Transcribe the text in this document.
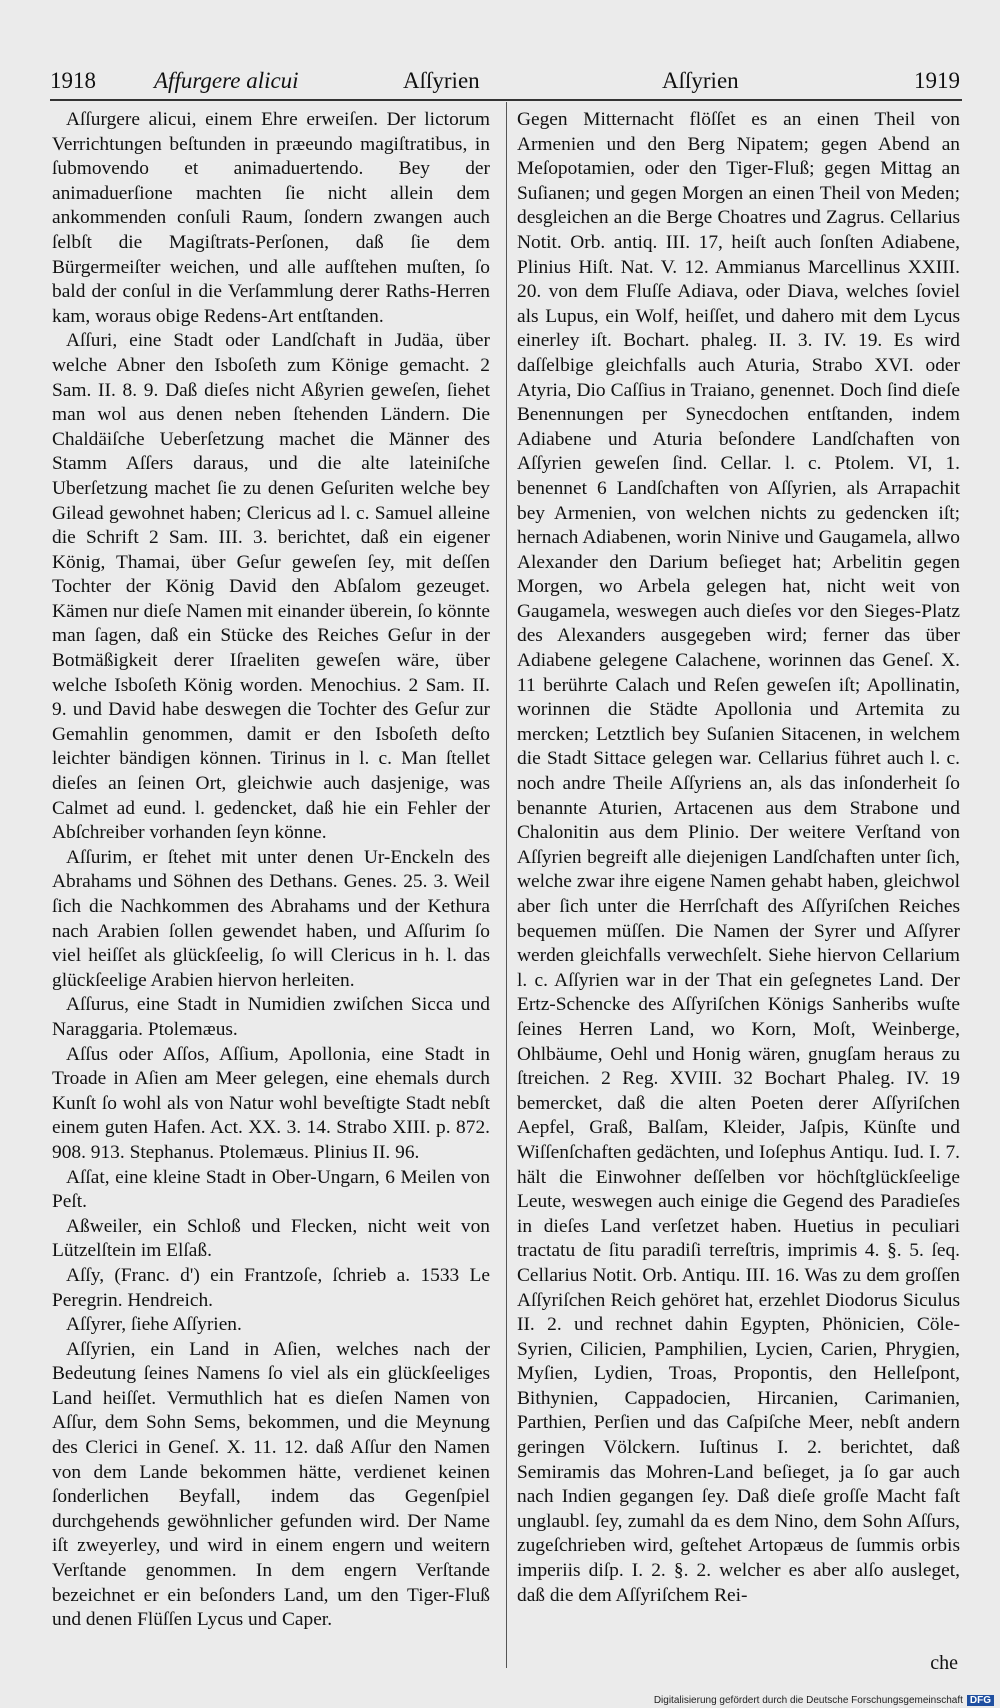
1918	Affurgere alicui	Aſſyrien	Aſſyrien	1919

Aſſurgere alicui, einem Ehre erweiſen. Der lictorum Verrichtungen beſtunden in præeundo magiſtratibus, in ſubmovendo et animaduertendo. Bey der animaduerſione machten ſie nicht allein dem ankommenden conſuli Raum, ſondern zwangen auch ſelbſt die Magiſtrats-Perſonen, daß ſie dem Bürgermeiſter weichen, und alle aufſtehen muſten, ſo bald der conſul in die Verſammlung derer Raths-Herren kam, woraus obige Redens-Art entſtanden.

Aſſuri, eine Stadt oder Landſchaft in Judäa, über welche Abner den Isboſeth zum Könige gemacht. 2 Sam. II. 8. 9. Daß dieſes nicht Aßyrien geweſen, ſiehet man wol aus denen neben ſtehenden Ländern. Die Chaldäiſche Ueberſetzung machet die Männer des Stamm Aſſers daraus, und die alte lateiniſche Uberſetzung machet ſie zu denen Geſuriten welche bey Gilead gewohnet haben; Clericus ad l. c. Samuel alleine die Schrift 2 Sam. III. 3. berichtet, daß ein eigener König, Thamai, über Geſur geweſen ſey, mit deſſen Tochter der König David den Abſalom gezeuget. Kämen nur dieſe Namen mit einander überein, ſo könnte man ſagen, daß ein Stücke des Reiches Geſur in der Botmäßigkeit derer Iſraeliten geweſen wäre, über welche Isboſeth König worden. Menochius. 2 Sam. II. 9. und David habe deswegen die Tochter des Geſur zur Gemahlin genommen, damit er den Isboſeth deſto leichter bändigen können. Tirinus in l. c. Man ſtellet dieſes an ſeinen Ort, gleichwie auch dasjenige, was Calmet ad eund. l. gedencket, daß hie ein Fehler der Abſchreiber vorhanden ſeyn könne.

Aſſurim, er ſtehet mit unter denen Ur-Enckeln des Abrahams und Söhnen des Dethans. Genes. 25. 3. Weil ſich die Nachkommen des Abrahams und der Kethura nach Arabien ſollen gewendet haben, und Aſſurim ſo viel heiſſet als glückſeelig, ſo will Clericus in h. l. das glückſeelige Arabien hiervon herleiten.

Aſſurus, eine Stadt in Numidien zwiſchen Sicca und Naraggaria. Ptolemæus.

Aſſus oder Aſſos, Aſſium, Apollonia, eine Stadt in Troade in Aſien am Meer gelegen, eine ehemals durch Kunſt ſo wohl als von Natur wohl beveſtigte Stadt nebſt einem guten Hafen. Act. XX. 3. 14. Strabo XIII. p. 872. 908. 913. Stephanus. Ptolemæus. Plinius II. 96.

Aſſat, eine kleine Stadt in Ober-Ungarn, 6 Meilen von Peſt.

Aßweiler, ein Schloß und Flecken, nicht weit von Lützelſtein im Elſaß.

Aſſy, (Franc. d') ein Frantzoſe, ſchrieb a. 1533 Le Peregrin. Hendreich.

Aſſyrer, ſiehe Aſſyrien.

Aſſyrien, ein Land in Aſien, welches nach der Bedeutung ſeines Namens ſo viel als ein glückſeeliges Land heiſſet. Vermuthlich hat es dieſen Namen von Aſſur, dem Sohn Sems, bekommen, und die Meynung des Clerici in Geneſ. X. 11. 12. daß Aſſur den Namen von dem Lande bekommen hätte, verdienet keinen ſonderlichen Beyfall, indem das Gegenſpiel durchgehends gewöhnlicher gefunden wird. Der Name iſt zweyerley, und wird in einem engern und weitern Verſtande genommen. In dem engern Verſtande bezeichnet er ein beſonders Land, um den Tiger-Fluß und denen Flüſſen Lycus und Caper.

Gegen Mitternacht flöſſet es an einen Theil von Armenien und den Berg Nipatem; gegen Abend an Meſopotamien, oder den Tiger-Fluß; gegen Mittag an Suſianen; und gegen Morgen an einen Theil von Meden; desgleichen an die Berge Choatres und Zagrus. Cellarius Notit. Orb. antiq. III. 17, heiſt auch ſonſten Adiabene, Plinius Hiſt. Nat. V. 12. Ammianus Marcellinus XXIII. 20. von dem Fluſſe Adiava, oder Diava, welches ſoviel als Lupus, ein Wolf, heiſſet, und dahero mit dem Lycus einerley iſt. Bochart. phaleg. II. 3. IV. 19. Es wird daſſelbige gleichfalls auch Aturia, Strabo XVI. oder Atyria, Dio Caſſius in Traiano, genennet. Doch ſind dieſe Benennungen per Synecdochen entſtanden, indem Adiabene und Aturia beſondere Landſchaften von Aſſyrien geweſen ſind. Cellar. l. c. Ptolem. VI, 1. benennet 6 Landſchaften von Aſſyrien, als Arrapachit bey Armenien, von welchen nichts zu gedencken iſt; hernach Adiabenen, worin Ninive und Gaugamela, allwo Alexander den Darium beſieget hat; Arbelitin gegen Morgen, wo Arbela gelegen hat, nicht weit von Gaugamela, weswegen auch dieſes vor den Sieges-Platz des Alexanders ausgegeben wird; ferner das über Adiabene gelegene Calachene, worinnen das Geneſ. X. 11 berührte Calach und Reſen geweſen iſt; Apollinatin, worinnen die Städte Apollonia und Artemita zu mercken; Letztlich bey Suſanien Sitacenen, in welchem die Stadt Sittace gelegen war. Cellarius führet auch l. c. noch andre Theile Aſſyriens an, als das inſonderheit ſo benannte Aturien, Artacenen aus dem Strabone und Chalonitin aus dem Plinio. Der weitere Verſtand von Aſſyrien begreift alle diejenigen Landſchaften unter ſich, welche zwar ihre eigene Namen gehabt haben, gleichwol aber ſich unter die Herrſchaft des Aſſyriſchen Reiches bequemen müſſen. Die Namen der Syrer und Aſſyrer werden gleichfalls verwechſelt. Siehe hiervon Cellarium l. c. Aſſyrien war in der That ein geſegnetes Land. Der Ertz-Schencke des Aſſyriſchen Königs Sanheribs wuſte ſeines Herren Land, wo Korn, Moſt, Weinberge, Ohlbäume, Oehl und Honig wären, gnugſam heraus zu ſtreichen. 2 Reg. XVIII. 32 Bochart Phaleg. IV. 19 bemercket, daß die alten Poeten derer Aſſyriſchen Aepfel, Graß, Balſam, Kleider, Jaſpis, Künſte und Wiſſenſchaften gedächten, und Ioſephus Antiqu. Iud. I. 7. hält die Einwohner deſſelben vor höchſtglückſeelige Leute, weswegen auch einige die Gegend des Paradieſes in dieſes Land verſetzet haben. Huetius in peculiari tractatu de ſitu paradiſi terreſtris, imprimis 4. §. 5. ſeq. Cellarius Notit. Orb. Antiqu. III. 16. Was zu dem groſſen Aſſyriſchen Reich gehöret hat, erzehlet Diodorus Siculus II. 2. und rechnet dahin Egypten, Phönicien, Cöle-Syrien, Cilicien, Pamphilien, Lycien, Carien, Phrygien, Myſien, Lydien, Troas, Propontis, den Helleſpont, Bithynien, Cappadocien, Hircanien, Carimanien, Parthien, Perſien und das Caſpiſche Meer, nebſt andern geringen Völckern. Iuſtinus I. 2. berichtet, daß Semiramis das Mohren-Land beſieget, ja ſo gar auch nach Indien gegangen ſey. Daß dieſe groſſe Macht faſt unglaubl. ſey, zumahl da es dem Nino, dem Sohn Aſſurs, zugeſchrieben wird, geſtehet Artopæus de ſummis orbis imperiis diſp. I. 2. §. 2. welcher es aber alſo ausleget, daß die dem Aſſyriſchem Rei-

che
Digitalisierung gefördert durch die Deutsche Forschungsgemeinschaft DFG
